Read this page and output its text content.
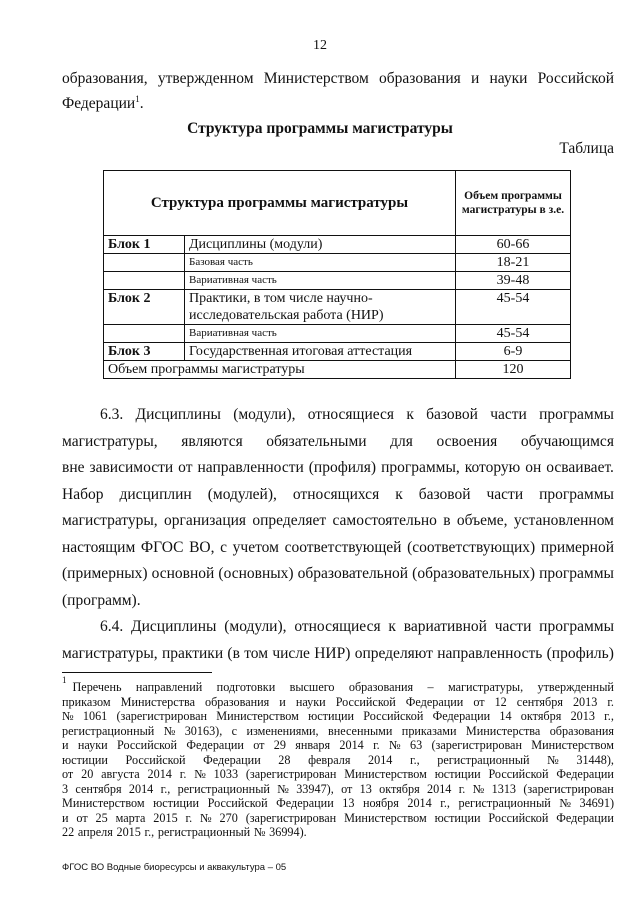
12
образования, утвержденном Министерством образования и науки Российской
Федерации$^1$.
Структура программы магистратуры
Таблица
Структура программы магистратуры		Объем программы магистратуры в з.е.
Блок 1	Дисциплины (модули)	60-66
	Базовая часть	18-21
	Вариативная часть	39-48
Блок 2	Практики, в том числе научно-исследовательская работа (НИР)	45-54
	Вариативная часть	45-54
Блок 3	Государственная итоговая аттестация	6-9
Объем программы магистратуры		120
6.3. Дисциплины (модули), относящиеся к базовой части программы
магистратуры, являются обязательными для освоения обучающимся
вне зависимости от направленности (профиля) программы, которую он осваивает.
Набор дисциплин (модулей), относящихся к базовой части программы
магистратуры, организация определяет самостоятельно в объеме, установленном
настоящим ФГОС ВО, с учетом соответствующей (соответствующих) примерной
(примерных) основной (основных) образовательной (образовательных) программы
(программ).
6.4. Дисциплины (модули), относящиеся к вариативной части программы
магистратуры, практики (в том числе НИР) определяют направленность (профиль)
1 Перечень направлений подготовки высшего образования – магистратуры, утвержденный
приказом Министерства образования и науки Российской Федерации от 12 сентября 2013 г.
№ 1061 (зарегистрирован Министерством юстиции Российской Федерации 14 октября 2013 г.,
регистрационный № 30163), с изменениями, внесенными приказами Министерства образования
и науки Российской Федерации от 29 января 2014 г. № 63 (зарегистрирован Министерством
юстиции Российской Федерации 28 февраля 2014 г., регистрационный № 31448),
от 20 августа 2014 г. № 1033 (зарегистрирован Министерством юстиции Российской Федерации
3 сентября 2014 г., регистрационный № 33947), от 13 октября 2014 г. № 1313 (зарегистрирован
Министерством юстиции Российской Федерации 13 ноября 2014 г., регистрационный № 34691)
и от 25 марта 2015 г. № 270 (зарегистрирован Министерством юстиции Российской Федерации
22 апреля 2015 г., регистрационный № 36994).
ФГОС ВО Водные биоресурсы и аквакультура – 05
